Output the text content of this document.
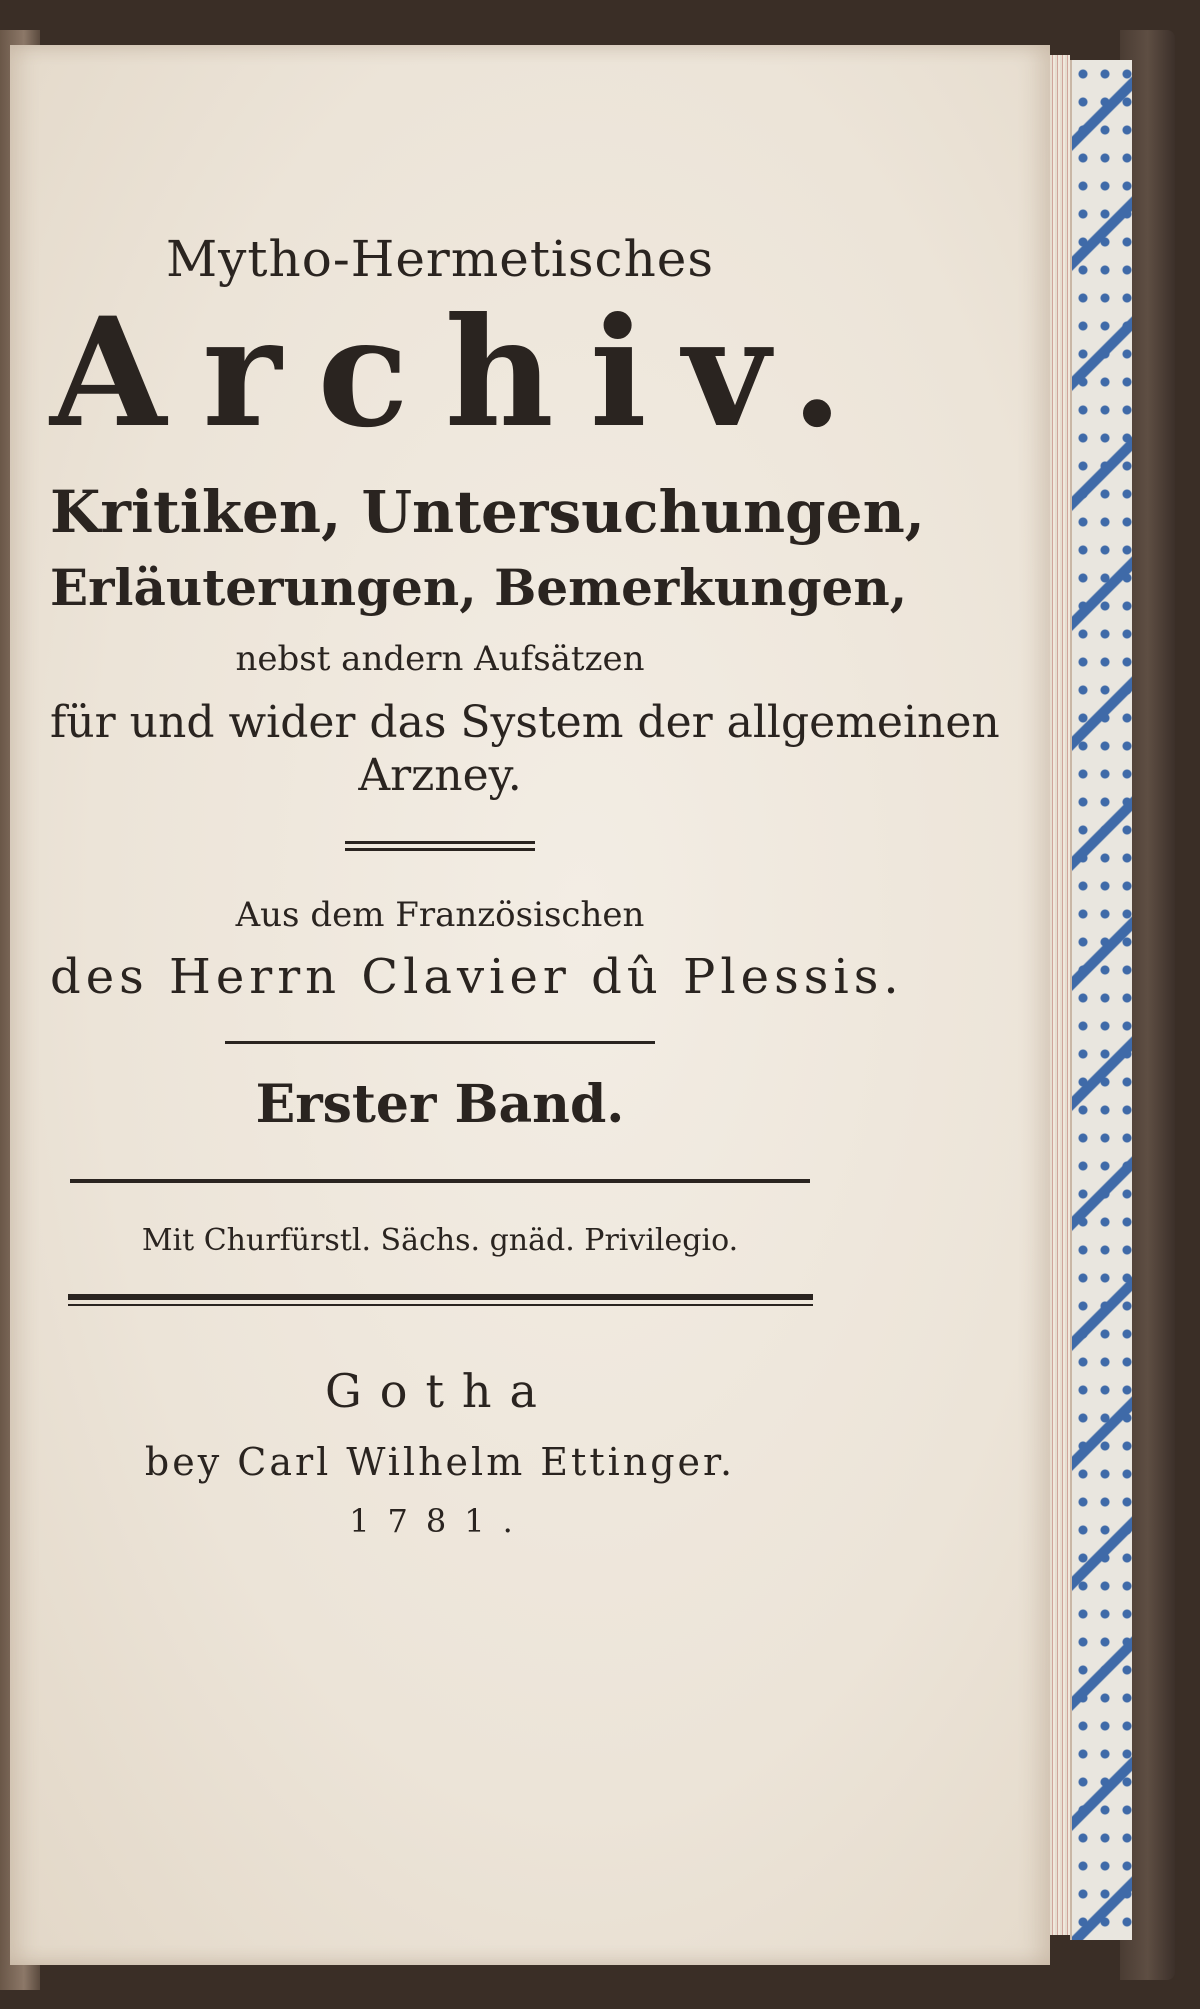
Mytho-Hermetisches
Archiv.
Kritiken, Untersuchungen,
Erläuterungen, Bemerkungen,
nebst andern Aufsätzen
für und wider das System der allgemeinen
Arzney.
Aus dem Französischen
des Herrn Clavier dû Plessis.
Erster Band.
Mit Churfürstl. Sächs. gnäd. Privilegio.
Gotha
bey Carl Wilhelm Ettinger.
1781.
